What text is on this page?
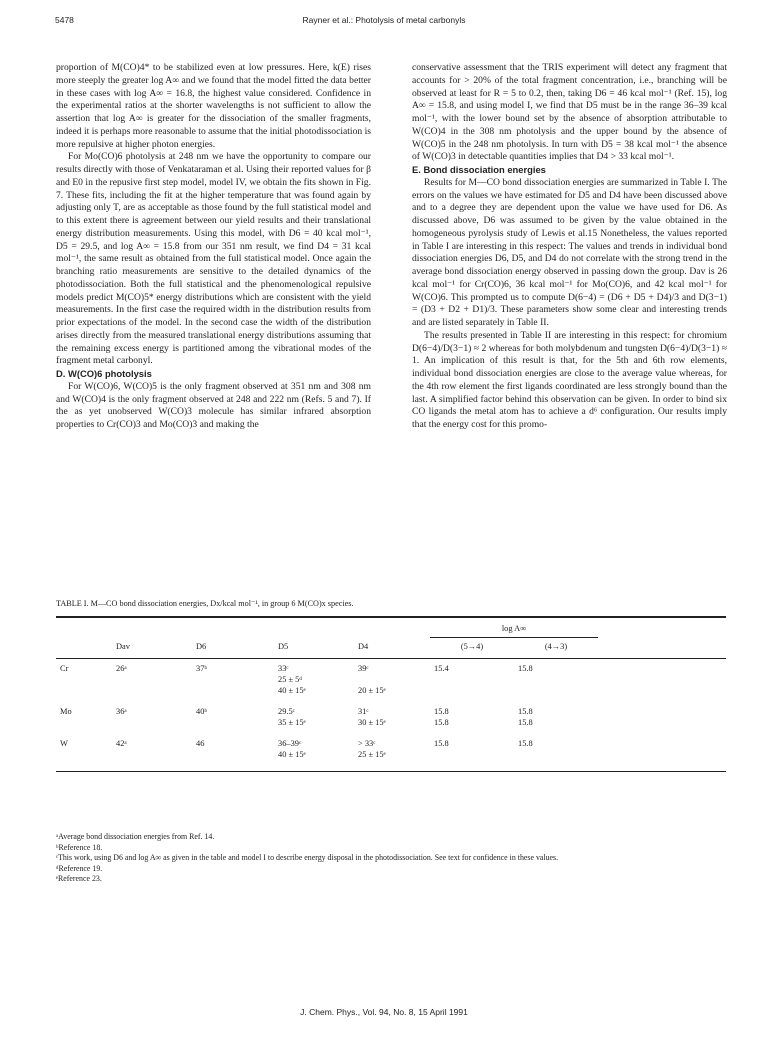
5478	Rayner et al.: Photolysis of metal carbonyls

proportion of M(CO)4* to be stabilized even at low pressures. Here, k(E) rises more steeply the greater log A∞ and we found that the model fitted the data better in these cases with log A∞ = 16.8, the highest value considered. Confidence in the experimental ratios at the shorter wavelengths is not sufficient to allow the assertion that log A∞ is greater for the dissociation of the smaller fragments, indeed it is perhaps more reasonable to assume that the initial photodissociation is more repulsive at higher photon energies.

For Mo(CO)6 photolysis at 248 nm we have the opportunity to compare our results directly with those of Venkataraman et al. Using their reported values for β and E0 in the repusive first step model, model IV, we obtain the fits shown in Fig. 7. These fits, including the fit at the higher temperature that was found again by adjusting only T, are as acceptable as those found by the full statistical model and to this extent there is agreement between our yield results and their translational energy distribution measurements. Using this model, with D6 = 40 kcal mol⁻¹, D5 = 29.5, and log A∞ = 15.8 from our 351 nm result, we find D4 = 31 kcal mol⁻¹, the same result as obtained from the full statistical model. Once again the branching ratio measurements are sensitive to the detailed dynamics of the photodissociation. Both the full statistical and the phenomenological repulsive models predict M(CO)5* energy distributions which are consistent with the yield measurements. In the first case the required width in the distribution results from prior expectations of the model. In the second case the width of the distribution arises directly from the measured translational energy distributions assuming that the remaining excess energy is partitioned among the vibrational modes of the fragment metal carbonyl.

D. W(CO)6 photolysis

For W(CO)6, W(CO)5 is the only fragment observed at 351 nm and 308 nm and W(CO)4 is the only fragment observed at 248 and 222 nm (Refs. 5 and 7). If the as yet unobserved W(CO)3 molecule has similar infrared absorption properties to Cr(CO)3 and Mo(CO)3 and making the

conservative assessment that the TRIS experiment will detect any fragment that accounts for > 20% of the total fragment concentration, i.e., branching will be observed at least for R = 5 to 0.2, then, taking D6 = 46 kcal mol⁻¹ (Ref. 15), log A∞ = 15.8, and using model I, we find that D5 must be in the range 36–39 kcal mol⁻¹, with the lower bound set by the absence of absorption attributable to W(CO)4 in the 308 nm photolysis and the upper bound by the absence of W(CO)5 in the 248 nm photolysis. In turn with D5 = 38 kcal mol⁻¹ the absence of W(CO)3 in detectable quantities implies that D4 > 33 kcal mol⁻¹.

E. Bond dissociation energies

Results for M—CO bond dissociation energies are summarized in Table I. The errors on the values we have estimated for D5 and D4 have been discussed above and to a degree they are dependent upon the value we have used for D6. As discussed above, D6 was assumed to be given by the value obtained in the homogeneous pyrolysis study of Lewis et al.15 Nonetheless, the values reported in Table I are interesting in this respect: The values and trends in individual bond dissociation energies D6, D5, and D4 do not correlate with the strong trend in the average bond dissociation energy observed in passing down the group. Dav is 26 kcal mol⁻¹ for Cr(CO)6, 36 kcal mol⁻¹ for Mo(CO)6, and 42 kcal mol⁻¹ for W(CO)6. This prompted us to compute D(6−4) = (D6 + D5 + D4)/3 and D(3−1) = (D3 + D2 + D1)/3. These parameters show some clear and interesting trends and are listed separately in Table II.

The results presented in Table II are interesting in this respect: for chromium D(6−4)/D(3−1) ≈ 2 whereas for both molybdenum and tungsten D(6−4)/D(3−1) ≈ 1. An implication of this result is that, for the 5th and 6th row elements, individual bond dissociation energies are close to the average value whereas, for the 4th row element the first ligands coordinated are less strongly bound than the last. A simplified factor behind this observation can be given. In order to bind six CO ligands the metal atom has to achieve a d⁶ configuration. Our results imply that the energy cost for this promo-

TABLE I. M—CO bond dissociation energies, Dx/kcal mol⁻¹, in group 6 M(CO)x species.

					log A∞		
	Dav	D6	D5	D4	(5→4)	(4→3)	

Cr	26ᵃ	37ᵇ	33ᶜ	39ᶜ	15.4	15.8	
			25 ± 5ᵈ				
			40 ± 15ᵉ	20 ± 15ᵉ			

Mo	36ᵃ	40ᵇ	29.5ᶜ	31ᶜ	15.8	15.8	
			35 ± 15ᵉ	30 ± 15ᵉ	15.8	15.8	

W	42ᵃ	46	36–39ᶜ	> 33ᶜ	15.8	15.8	
			40 ± 15ᵉ	25 ± 15ᵉ			
ᵃAverage bond dissociation energies from Ref. 14.
ᵇReference 18.
ᶜThis work, using D6 and log A∞ as given in the table and model I to describe energy disposal in the photodissociation. See text for confidence in these values.
ᵈReference 19.
ᵉReference 23.
J. Chem. Phys., Vol. 94, No. 8, 15 April 1991
